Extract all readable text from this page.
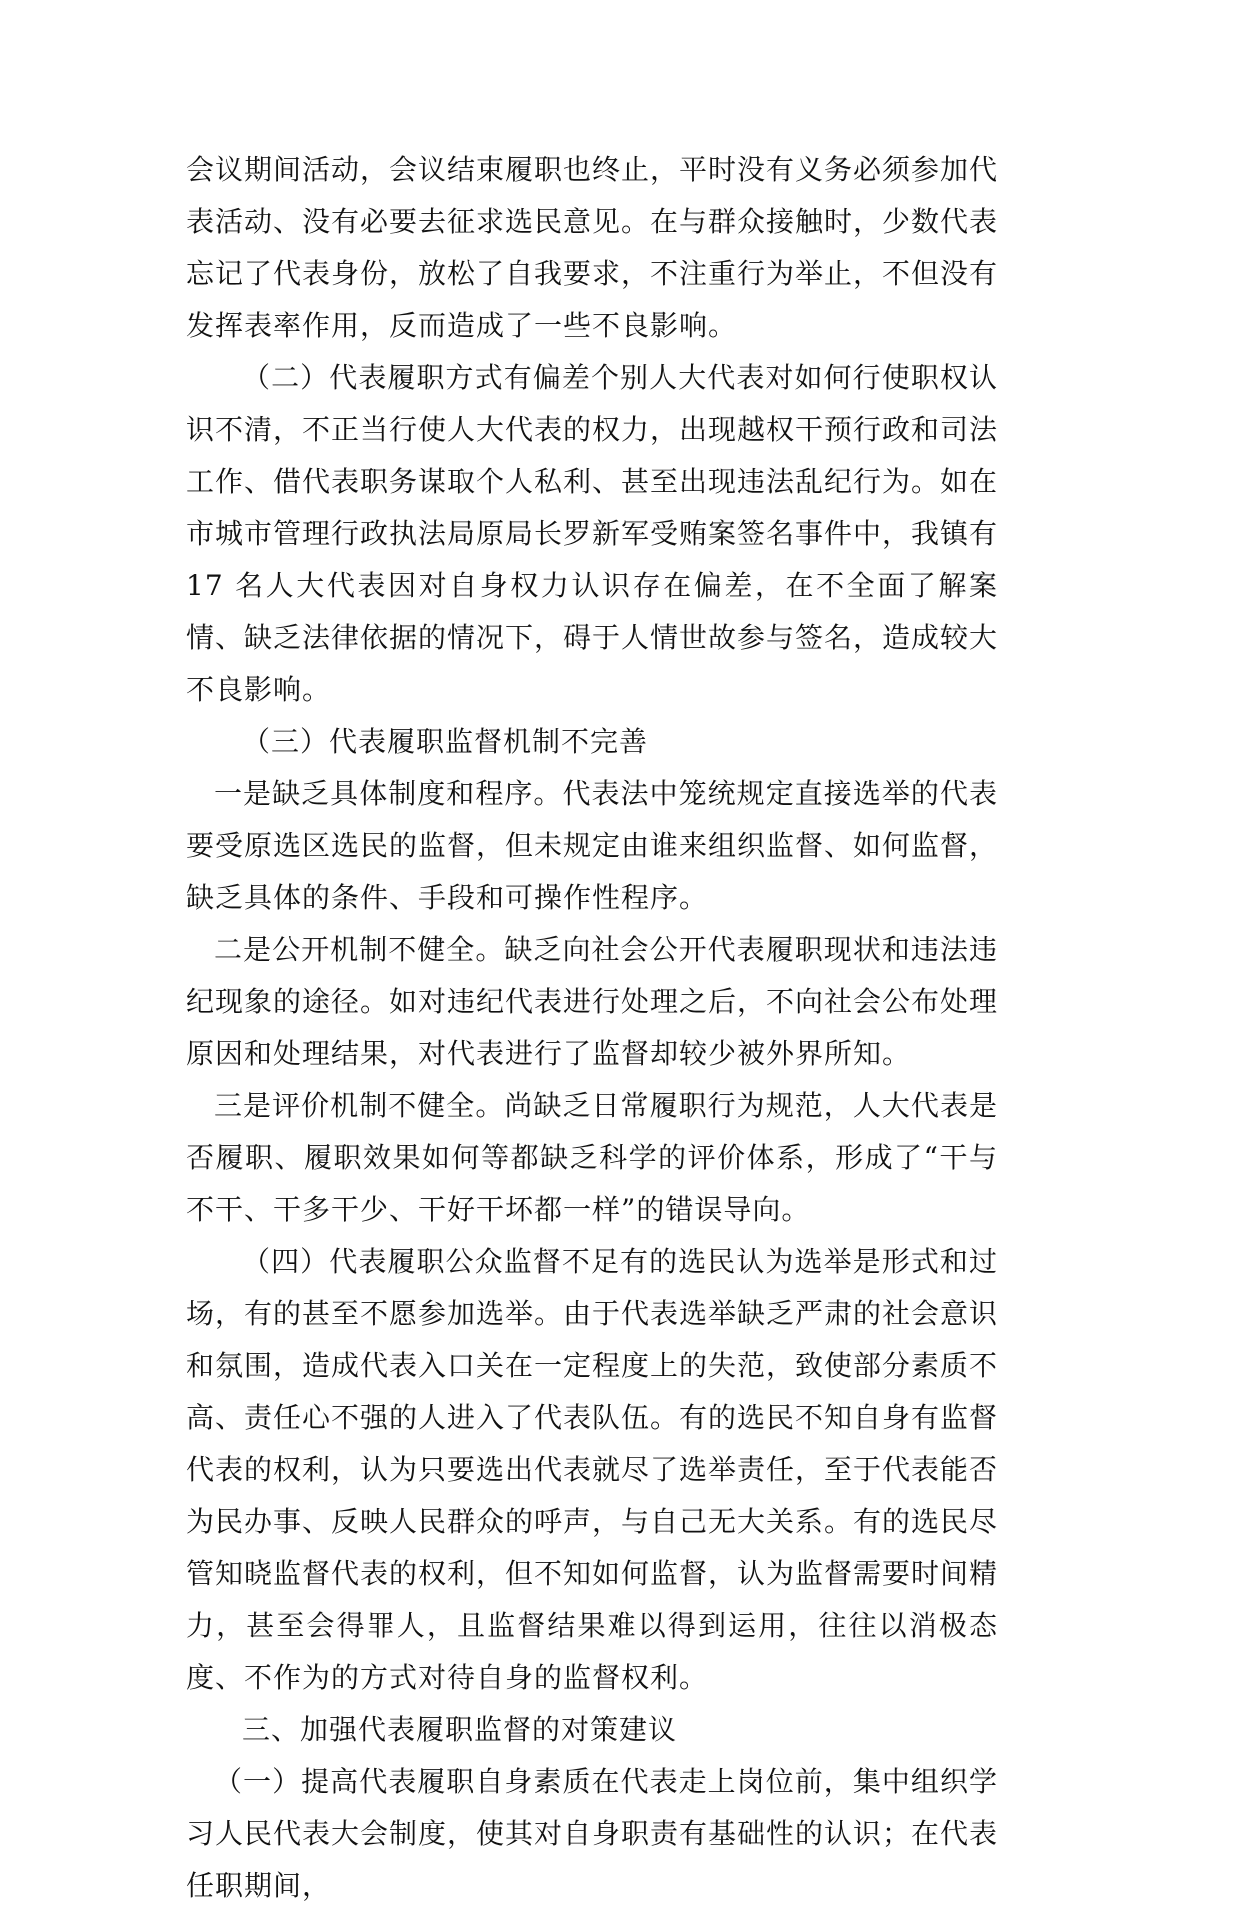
会议期间活动，会议结束履职也终止，平时没有义务必须参加代表活动、没有必要去征求选民意见。在与群众接触时，少数代表忘记了代表身份，放松了自我要求，不注重行为举止，不但没有发挥表率作用，反而造成了一些不良影响。

（二）代表履职方式有偏差个别人大代表对如何行使职权认识不清，不正当行使人大代表的权力，出现越权干预行政和司法工作、借代表职务谋取个人私利、甚至出现违法乱纪行为。如在市城市管理行政执法局原局长罗新军受贿案签名事件中，我镇有 17 名人大代表因对自身权力认识存在偏差，在不全面了解案情、缺乏法律依据的情况下，碍于人情世故参与签名，造成较大不良影响。

（三）代表履职监督机制不完善

一是缺乏具体制度和程序。代表法中笼统规定直接选举的代表要受原选区选民的监督，但未规定由谁来组织监督、如何监督，缺乏具体的条件、手段和可操作性程序。

二是公开机制不健全。缺乏向社会公开代表履职现状和违法违纪现象的途径。如对违纪代表进行处理之后，不向社会公布处理原因和处理结果，对代表进行了监督却较少被外界所知。

三是评价机制不健全。尚缺乏日常履职行为规范，人大代表是否履职、履职效果如何等都缺乏科学的评价体系，形成了“干与不干、干多干少、干好干坏都一样”的错误导向。

（四）代表履职公众监督不足有的选民认为选举是形式和过场，有的甚至不愿参加选举。由于代表选举缺乏严肃的社会意识和氛围，造成代表入口关在一定程度上的失范，致使部分素质不高、责任心不强的人进入了代表队伍。有的选民不知自身有监督代表的权利，认为只要选出代表就尽了选举责任，至于代表能否为民办事、反映人民群众的呼声，与自己无大关系。有的选民尽管知晓监督代表的权利，但不知如何监督，认为监督需要时间精力，甚至会得罪人，且监督结果难以得到运用，往往以消极态度、不作为的方式对待自身的监督权利。

三、加强代表履职监督的对策建议

（一）提高代表履职自身素质在代表走上岗位前，集中组织学习人民代表大会制度，使其对自身职责有基础性的认识；在代表任职期间，
